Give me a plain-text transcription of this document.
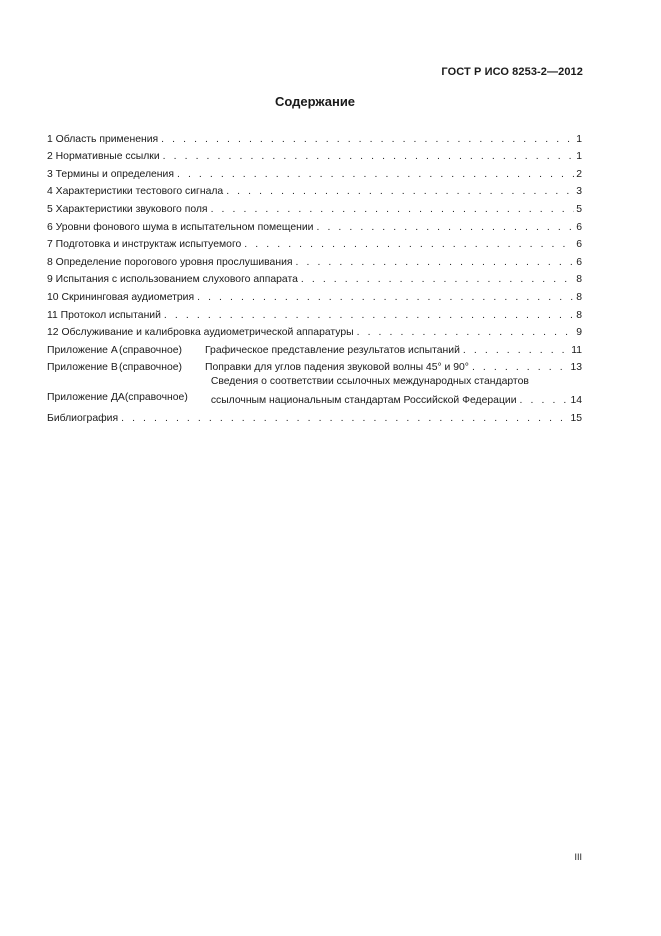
ГОСТ Р ИСО 8253-2—2012
Содержание
1 Область применения . . .	1
2 Нормативные ссылки . . .	1
3 Термины и определения . . .	2
4 Характеристики тестового сигнала . . .	3
5 Характеристики звукового поля . . .	5
6 Уровни фонового шума в испытательном помещении . . .	6
7 Подготовка и инструктаж испытуемого . . .	6
8 Определение порогового уровня прослушивания . . .	6
9 Испытания с использованием слухового аппарата . . .	8
10 Скрининговая аудиометрия . . .	8
11 Протокол испытаний . . .	8
12 Обслуживание и калибровка аудиометрической аппаратуры . . .	9
Приложение А (справочное)	Графическое представление результатов испытаний . . .	11
Приложение В (справочное)	Поправки для углов падения звуковой волны 45° и 90° . . .	13
Приложение ДА (справочное)
Сведения о соответствии ссылочных международных стандартов
ссылочным национальным стандартам Российской Федерации . . .	14
Библиография . . .	15
III
